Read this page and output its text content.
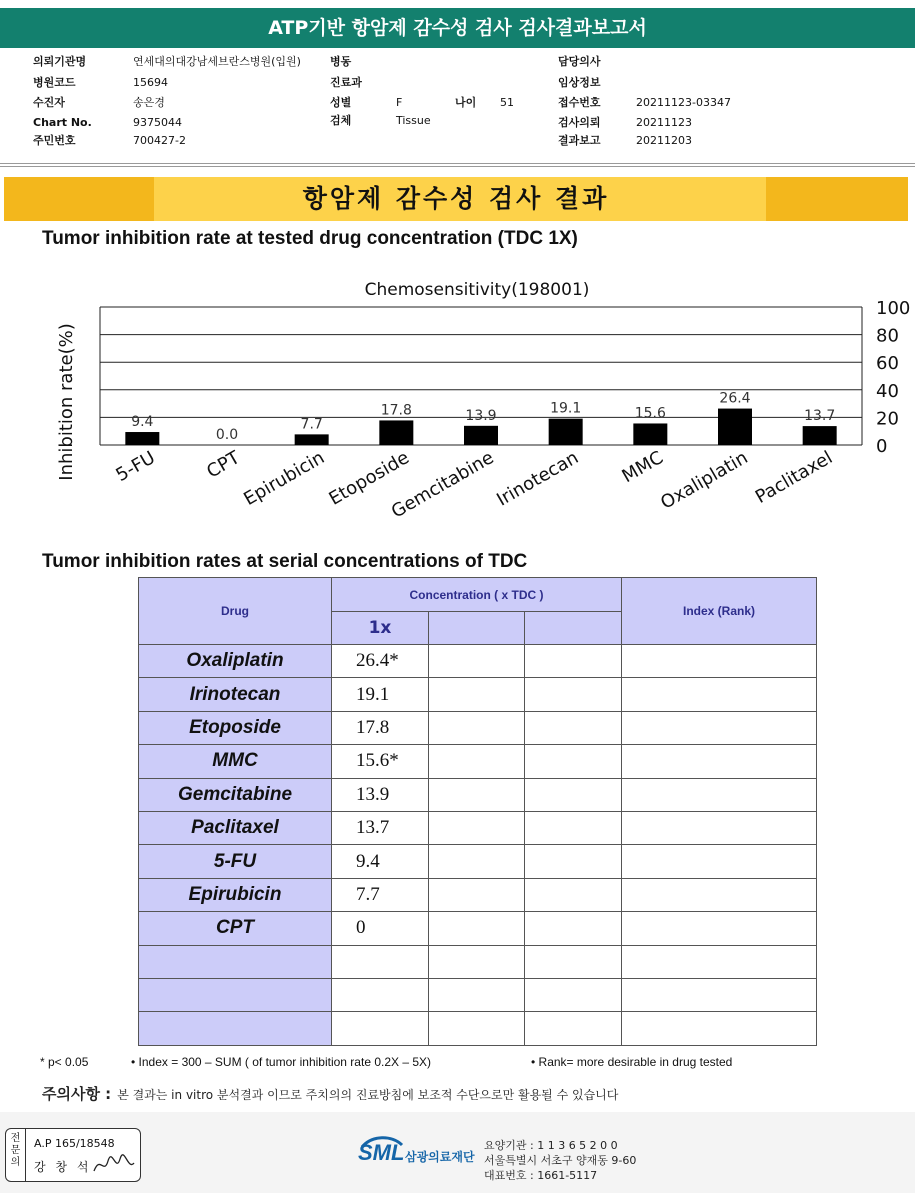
ATP기반 항암제 감수성 검사 검사결과보고서
의뢰기관명	연세대의대강남세브란스병원(입원)
병원코드	15694
수진자	송은경
Chart No.	9375044
주민번호	700427-2
병동
진료과
성별	F
검체	Tissue
나이 51
담당의사
임상정보
접수번호	20211123-03347
검사의뢰	20211123
결과보고	20211203
항암제 감수성 검사 결과
Tumor inhibition rate at tested drug concentration (TDC 1X)
Chemosensitivity(198001)
0
20
40
60
80
100
Inhibition rate(%)	9.4
5-FU
0.0
CPT
7.7
Epirubicin
17.8
Etoposide
13.9
Gemcitabine
19.1
Irinotecan
15.6
MMC
26.4
Oxaliplatin
13.7
Paclitaxel
Tumor inhibition rates at serial concentrations of TDC
Drug	Concentration ( x TDC )			Index (Rank)
	1x			
Oxaliplatin	26.4*			
Irinotecan	19.1			
Etoposide	17.8			
MMC	15.6*			
Gemcitabine	13.9			
Paclitaxel	13.7			
5-FU	9.4			
Epirubicin	7.7			
CPT	0			

* p< 0.05	• Index = 300 – SUM ( of tumor inhibition rate 0.2X – 5X)	• Rank= more desirable in drug tested
주의사항 : 본 결과는 in vitro 분석결과 이므로 주치의의 진료방침에 보조적 수단으로만 활용될 수 있습니다
전문의
A.P 165/18548
강 창 석
SML 삼광의료재단
요양기관 : 1 1 3 6 5 2 0 0
서울특별시 서초구 양재동 9-60
대표번호 : 1661-5117
